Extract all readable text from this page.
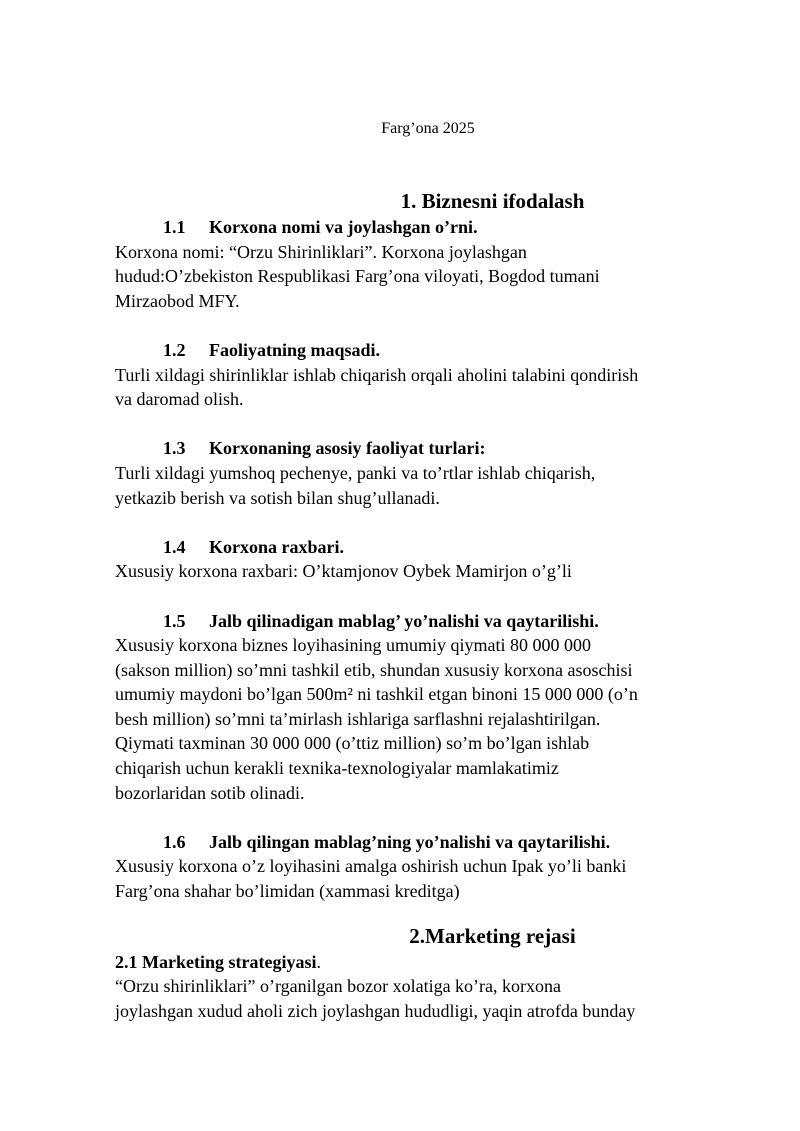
Farg’ona 2025
1. Biznesni ifodalash
1.1 Korxona nomi va joylashgan o’rni.
Korxona nomi: “Orzu Shirinliklari”. Korxona joylashgan
hudud:O’zbekiston Respublikasi Farg’ona viloyati, Bogdod tumani
Mirzaobod MFY.
1.2 Faoliyatning maqsadi.
Turli xildagi shirinliklar ishlab chiqarish orqali aholini talabini qondirish
va daromad olish.
1.3 Korxonaning asosiy faoliyat turlari:
Turli xildagi yumshoq pechenye, panki va to’rtlar ishlab chiqarish,
yetkazib berish va sotish bilan shug’ullanadi.
1.4 Korxona raxbari.
Xususiy korxona raxbari: O’ktamjonov Oybek Mamirjon o’g’li
1.5 Jalb qilinadigan mablag’ yo’nalishi va qaytarilishi.
Xususiy korxona biznes loyihasining umumiy qiymati 80 000 000
(sakson million) so’mni tashkil etib, shundan xususiy korxona asoschisi
umumiy maydoni bo’lgan 500m² ni tashkil etgan binoni 15 000 000 (o’n
besh million) so’mni ta’mirlash ishlariga sarflashni rejalashtirilgan.
Qiymati taxminan 30 000 000 (o’ttiz million) so’m bo’lgan ishlab
chiqarish uchun kerakli texnika-texnologiyalar mamlakatimiz
bozorlaridan sotib olinadi.
1.6 Jalb qilingan mablag’ning yo’nalishi va qaytarilishi.
Xususiy korxona o’z loyihasini amalga oshirish uchun Ipak yo’li banki
Farg’ona shahar bo’limidan (xammasi kreditga)
2.Marketing rejasi
2.1 Marketing strategiyasi.
“Orzu shirinliklari” o’rganilgan bozor xolatiga ko’ra, korxona
joylashgan xudud aholi zich joylashgan hududligi, yaqin atrofda bunday
